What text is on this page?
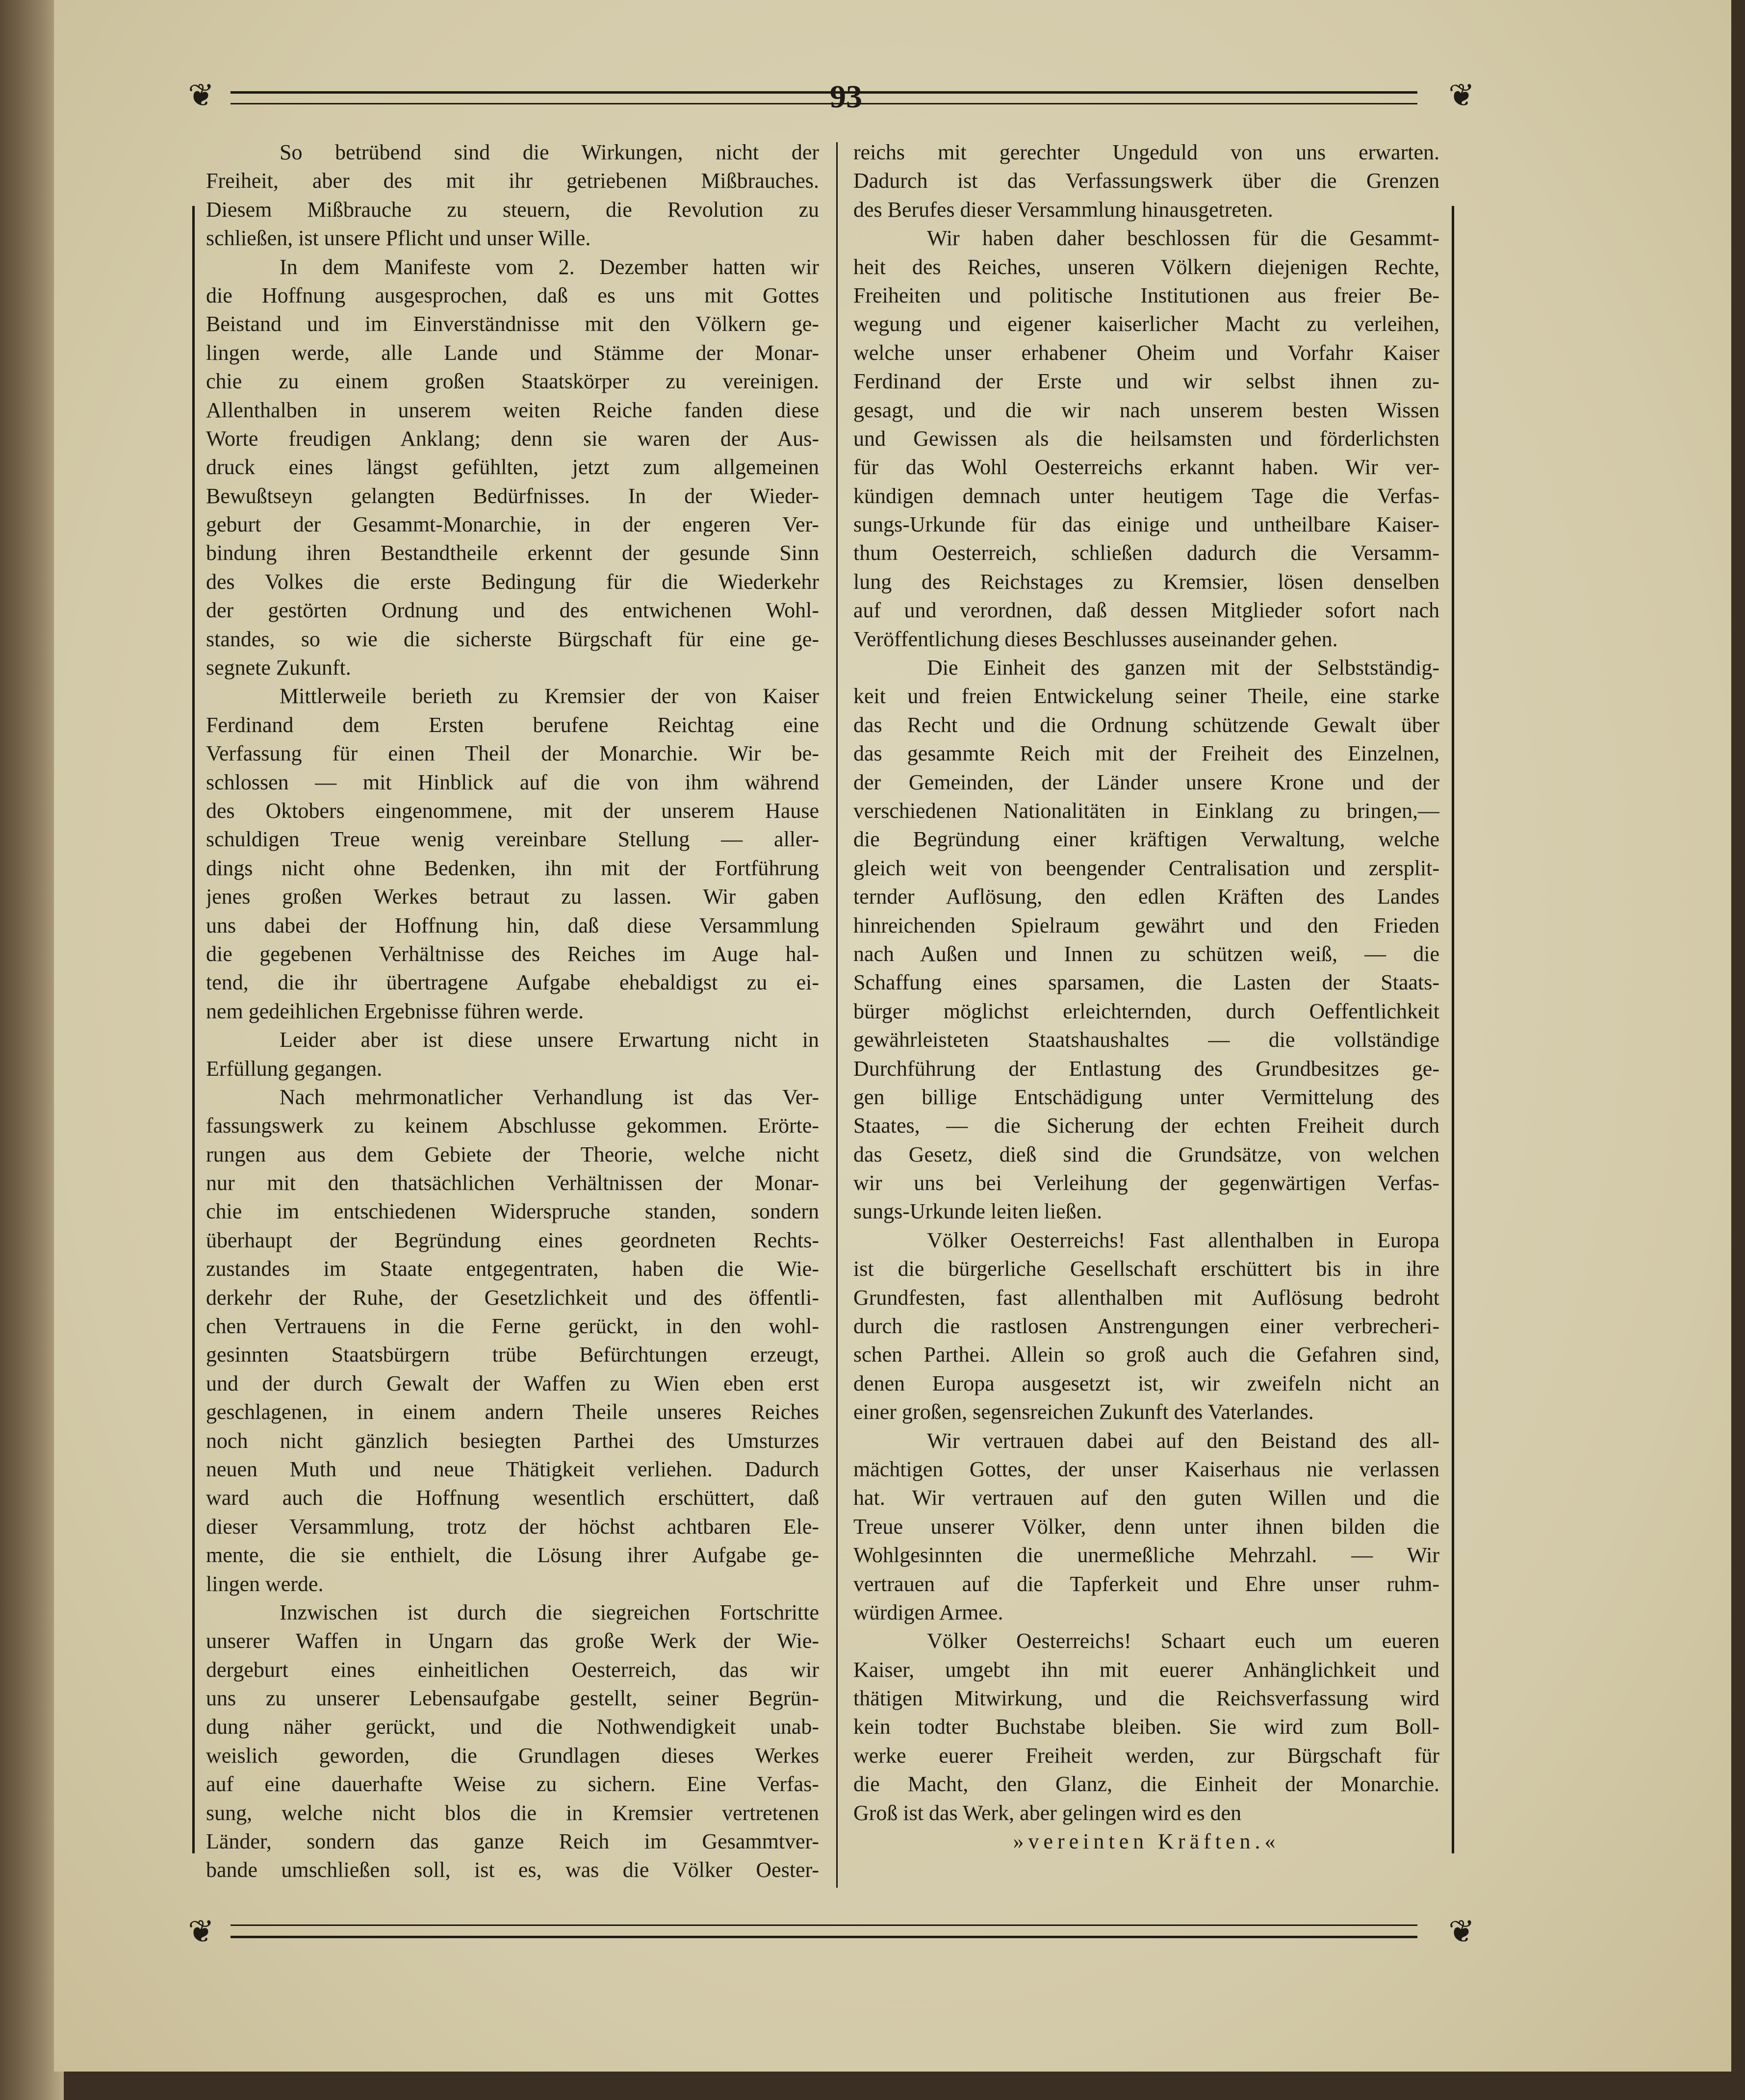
❦	❦
❦	❦
93
So betrübend sind die Wirkungen, nicht der
Freiheit, aber des mit ihr getriebenen Mißbrauches.
Diesem Mißbrauche zu steuern, die Revolution zu
schließen, ist unsere Pflicht und unser Wille.
In dem Manifeste vom 2. Dezember hatten wir
die Hoffnung ausgesprochen, daß es uns mit Gottes
Beistand und im Einverständnisse mit den Völkern ge-
lingen werde, alle Lande und Stämme der Monar-
chie zu einem großen Staatskörper zu vereinigen.
Allenthalben in unserem weiten Reiche fanden diese
Worte freudigen Anklang; denn sie waren der Aus-
druck eines längst gefühlten, jetzt zum allgemeinen
Bewußtseyn gelangten Bedürfnisses. In der Wieder-
geburt der Gesammt-Monarchie, in der engeren Ver-
bindung ihren Bestandtheile erkennt der gesunde Sinn
des Volkes die erste Bedingung für die Wiederkehr
der gestörten Ordnung und des entwichenen Wohl-
standes, so wie die sicherste Bürgschaft für eine ge-
segnete Zukunft.
Mittlerweile berieth zu Kremsier der von Kaiser
Ferdinand dem Ersten berufene Reichtag eine
Verfassung für einen Theil der Monarchie. Wir be-
schlossen — mit Hinblick auf die von ihm während
des Oktobers eingenommene, mit der unserem Hause
schuldigen Treue wenig vereinbare Stellung — aller-
dings nicht ohne Bedenken, ihn mit der Fortführung
jenes großen Werkes betraut zu lassen. Wir gaben
uns dabei der Hoffnung hin, daß diese Versammlung
die gegebenen Verhältnisse des Reiches im Auge hal-
tend, die ihr übertragene Aufgabe ehebaldigst zu ei-
nem gedeihlichen Ergebnisse führen werde.
Leider aber ist diese unsere Erwartung nicht in
Erfüllung gegangen.
Nach mehrmonatlicher Verhandlung ist das Ver-
fassungswerk zu keinem Abschlusse gekommen. Erörte-
rungen aus dem Gebiete der Theorie, welche nicht
nur mit den thatsächlichen Verhältnissen der Monar-
chie im entschiedenen Widerspruche standen, sondern
überhaupt der Begründung eines geordneten Rechts-
zustandes im Staate entgegentraten, haben die Wie-
derkehr der Ruhe, der Gesetzlichkeit und des öffentli-
chen Vertrauens in die Ferne gerückt, in den wohl-
gesinnten Staatsbürgern trübe Befürchtungen erzeugt,
und der durch Gewalt der Waffen zu Wien eben erst
geschlagenen, in einem andern Theile unseres Reiches
noch nicht gänzlich besiegten Parthei des Umsturzes
neuen Muth und neue Thätigkeit verliehen. Dadurch
ward auch die Hoffnung wesentlich erschüttert, daß
dieser Versammlung, trotz der höchst achtbaren Ele-
mente, die sie enthielt, die Lösung ihrer Aufgabe ge-
lingen werde.
Inzwischen ist durch die siegreichen Fortschritte
unserer Waffen in Ungarn das große Werk der Wie-
dergeburt eines einheitlichen Oesterreich, das wir
uns zu unserer Lebensaufgabe gestellt, seiner Begrün-
dung näher gerückt, und die Nothwendigkeit unab-
weislich geworden, die Grundlagen dieses Werkes
auf eine dauerhafte Weise zu sichern. Eine Verfas-
sung, welche nicht blos die in Kremsier vertretenen
Länder, sondern das ganze Reich im Gesammtver-
bande umschließen soll, ist es, was die Völker Oester-
reichs mit gerechter Ungeduld von uns erwarten.
Dadurch ist das Verfassungswerk über die Grenzen
des Berufes dieser Versammlung hinausgetreten.
Wir haben daher beschlossen für die Gesammt-
heit des Reiches, unseren Völkern diejenigen Rechte,
Freiheiten und politische Institutionen aus freier Be-
wegung und eigener kaiserlicher Macht zu verleihen,
welche unser erhabener Oheim und Vorfahr Kaiser
Ferdinand der Erste und wir selbst ihnen zu-
gesagt, und die wir nach unserem besten Wissen
und Gewissen als die heilsamsten und förderlichsten
für das Wohl Oesterreichs erkannt haben. Wir ver-
kündigen demnach unter heutigem Tage die Verfas-
sungs-Urkunde für das einige und untheilbare Kaiser-
thum Oesterreich, schließen dadurch die Versamm-
lung des Reichstages zu Kremsier, lösen denselben
auf und verordnen, daß dessen Mitglieder sofort nach
Veröffentlichung dieses Beschlusses auseinander gehen.
Die Einheit des ganzen mit der Selbstständig-
keit und freien Entwickelung seiner Theile, eine starke
das Recht und die Ordnung schützende Gewalt über
das gesammte Reich mit der Freiheit des Einzelnen,
der Gemeinden, der Länder unsere Krone und der
verschiedenen Nationalitäten in Einklang zu bringen,—
die Begründung einer kräftigen Verwaltung, welche
gleich weit von beengender Centralisation und zersplit-
ternder Auflösung, den edlen Kräften des Landes
hinreichenden Spielraum gewährt und den Frieden
nach Außen und Innen zu schützen weiß, — die
Schaffung eines sparsamen, die Lasten der Staats-
bürger möglichst erleichternden, durch Oeffentlichkeit
gewährleisteten Staatshaushaltes — die vollständige
Durchführung der Entlastung des Grundbesitzes ge-
gen billige Entschädigung unter Vermittelung des
Staates, — die Sicherung der echten Freiheit durch
das Gesetz, dieß sind die Grundsätze, von welchen
wir uns bei Verleihung der gegenwärtigen Verfas-
sungs-Urkunde leiten ließen.
Völker Oesterreichs! Fast allenthalben in Europa
ist die bürgerliche Gesellschaft erschüttert bis in ihre
Grundfesten, fast allenthalben mit Auflösung bedroht
durch die rastlosen Anstrengungen einer verbrecheri-
schen Parthei. Allein so groß auch die Gefahren sind,
denen Europa ausgesetzt ist, wir zweifeln nicht an
einer großen, segensreichen Zukunft des Vaterlandes.
Wir vertrauen dabei auf den Beistand des all-
mächtigen Gottes, der unser Kaiserhaus nie verlassen
hat. Wir vertrauen auf den guten Willen und die
Treue unserer Völker, denn unter ihnen bilden die
Wohlgesinnten die unermeßliche Mehrzahl. — Wir
vertrauen auf die Tapferkeit und Ehre unser ruhm-
würdigen Armee.
Völker Oesterreichs! Schaart euch um eueren
Kaiser, umgebt ihn mit euerer Anhänglichkeit und
thätigen Mitwirkung, und die Reichsverfassung wird
kein todter Buchstabe bleiben. Sie wird zum Boll-
werke euerer Freiheit werden, zur Bürgschaft für
die Macht, den Glanz, die Einheit der Monarchie.
Groß ist das Werk, aber gelingen wird es den
»vereinten Kräften.«
